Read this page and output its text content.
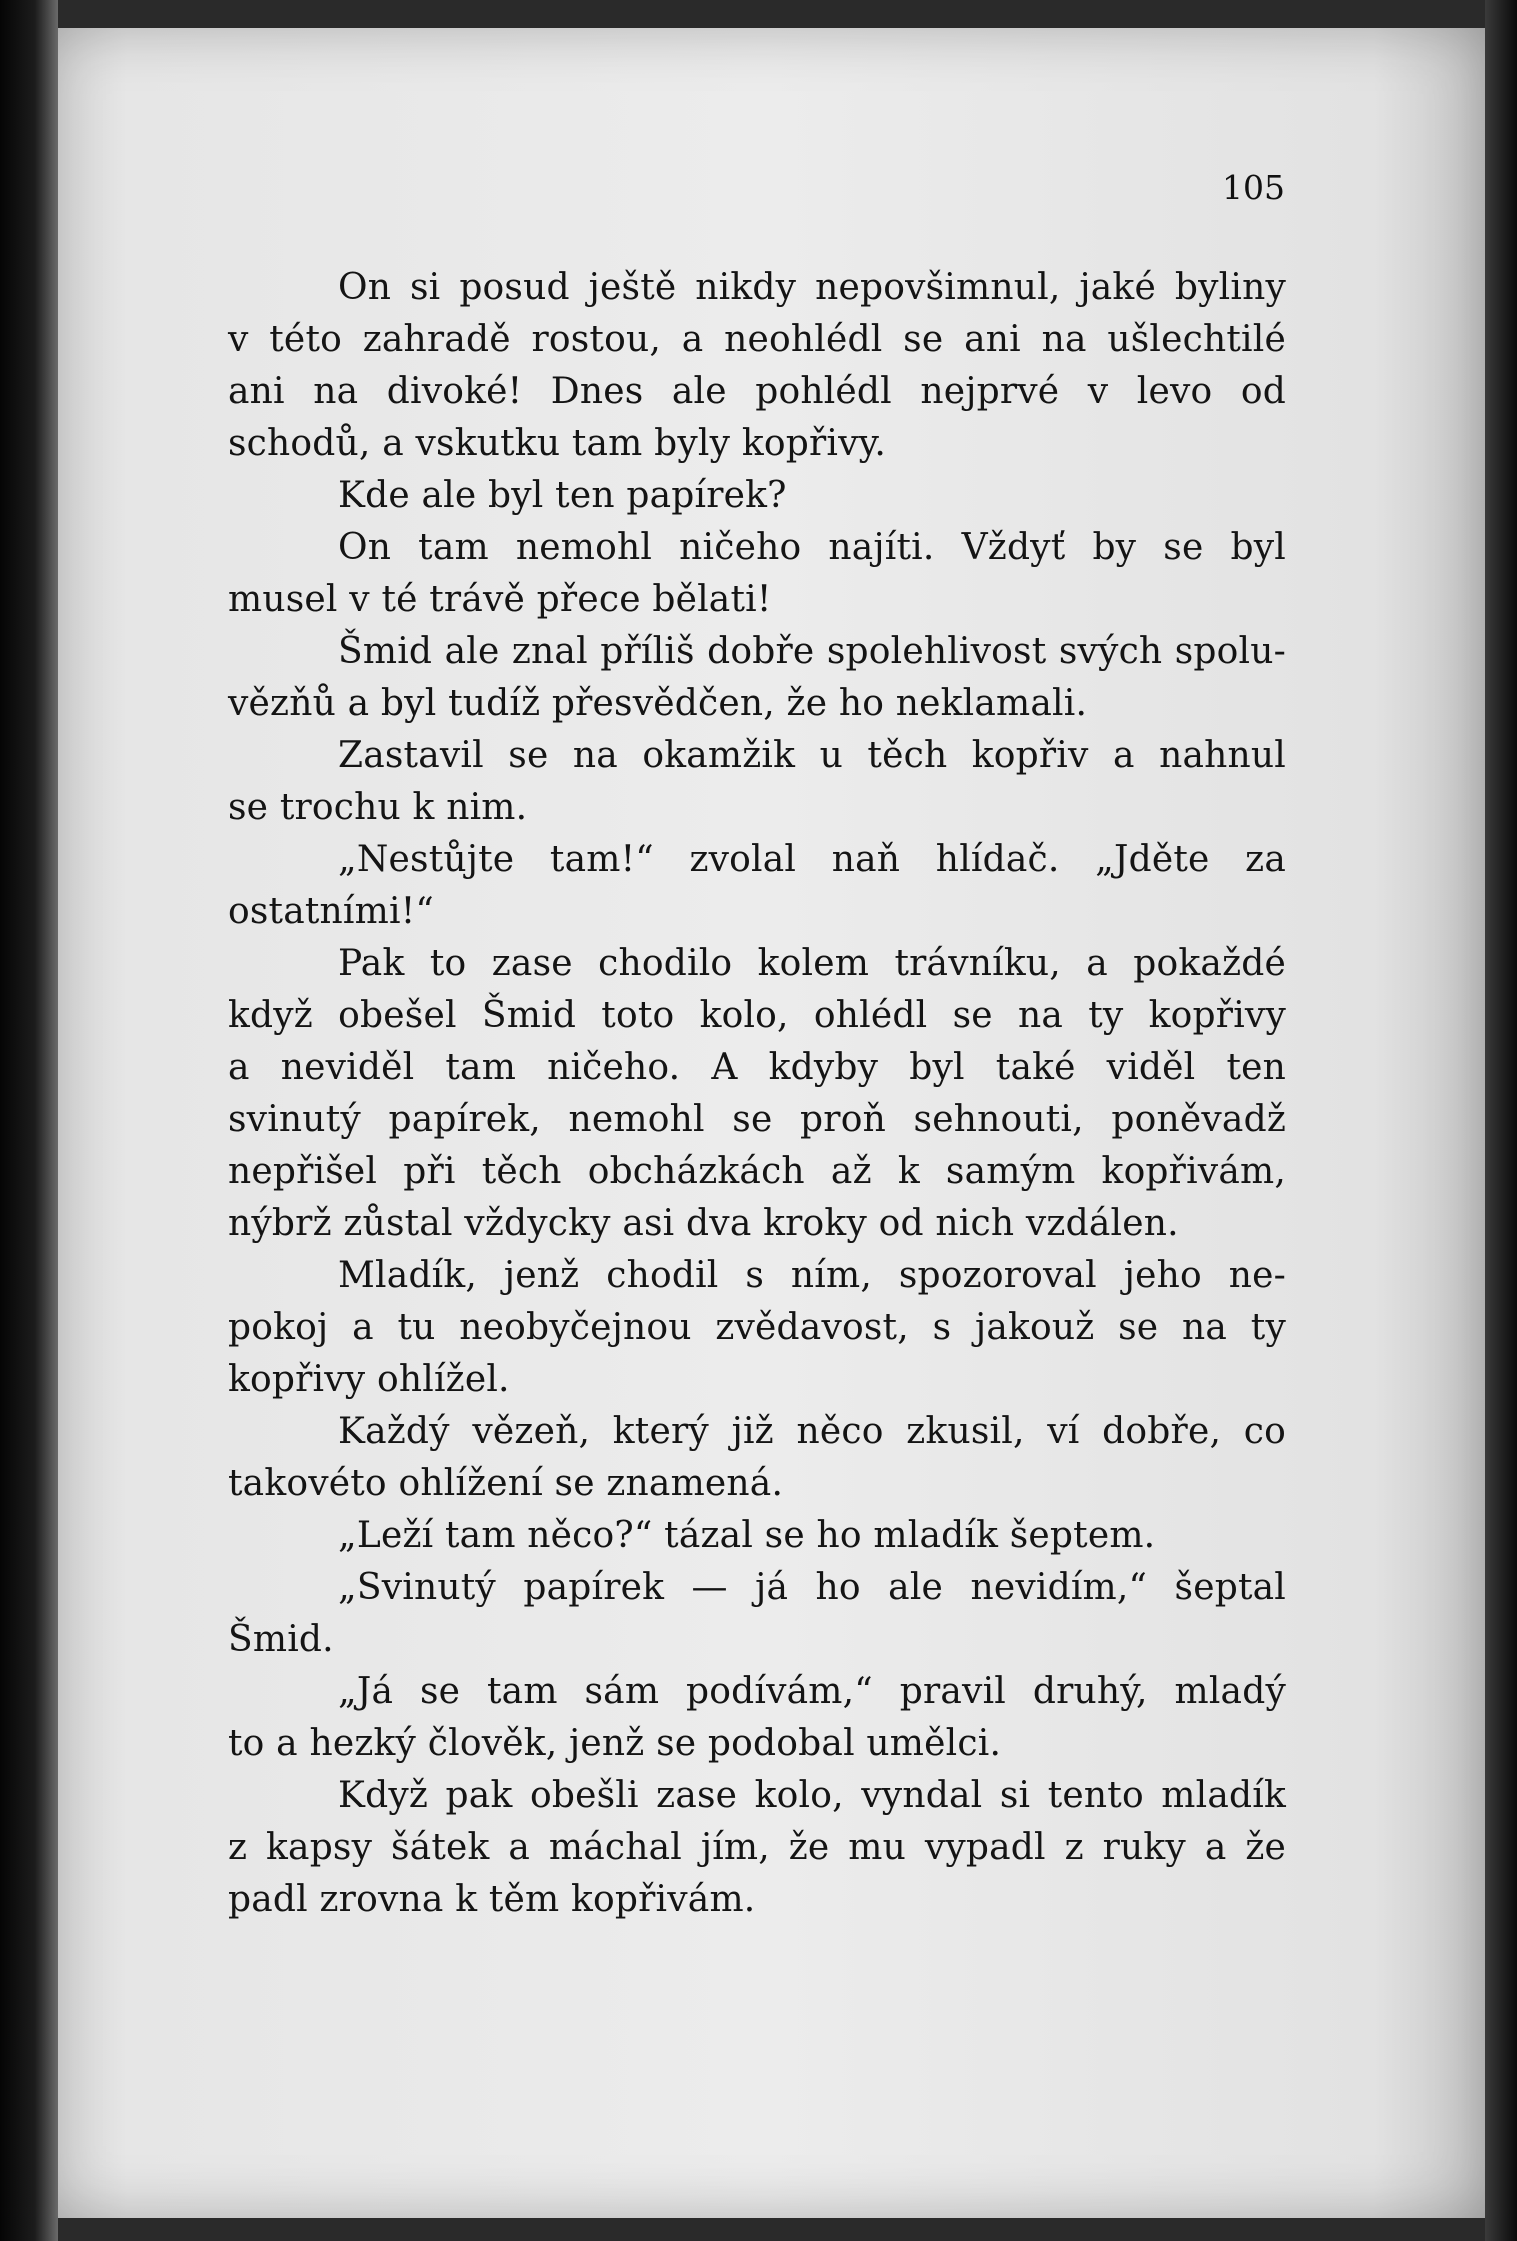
105
On si posud ještě nikdy nepovšimnul, jaké byliny
v této zahradě rostou, a neohlédl se ani na ušlechtilé
ani na divoké! Dnes ale pohlédl nejprvé v levo od
schodů, a vskutku tam byly kopřivy.
Kde ale byl ten papírek?
On tam nemohl ničeho najíti. Vždyť by se byl
musel v té trávě přece bělati!
Šmid ale znal příliš dobře spolehlivost svých spolu-
vězňů a byl tudíž přesvědčen, že ho neklamali.
Zastavil se na okamžik u těch kopřiv a nahnul
se trochu k nim.
„Nestůjte tam!“ zvolal naň hlídač. „Jděte za
ostatními!“
Pak to zase chodilo kolem trávníku, a pokaždé
když obešel Šmid toto kolo, ohlédl se na ty kopřivy
a neviděl tam ničeho. A kdyby byl také viděl ten
svinutý papírek, nemohl se proň sehnouti, poněvadž
nepřišel při těch obcházkách až k samým kopřivám,
nýbrž zůstal vždycky asi dva kroky od nich vzdálen.
Mladík, jenž chodil s ním, spozoroval jeho ne-
pokoj a tu neobyčejnou zvědavost, s jakouž se na ty
kopřivy ohlížel.
Každý vězeň, který již něco zkusil, ví dobře, co
takovéto ohlížení se znamená.
„Leží tam něco?“ tázal se ho mladík šeptem.
„Svinutý papírek — já ho ale nevidím,“ šeptal
Šmid.
„Já se tam sám podívám,“ pravil druhý, mladý
to a hezký člověk, jenž se podobal umělci.
Když pak obešli zase kolo, vyndal si tento mladík
z kapsy šátek a máchal jím, že mu vypadl z ruky a že
padl zrovna k těm kopřivám.
